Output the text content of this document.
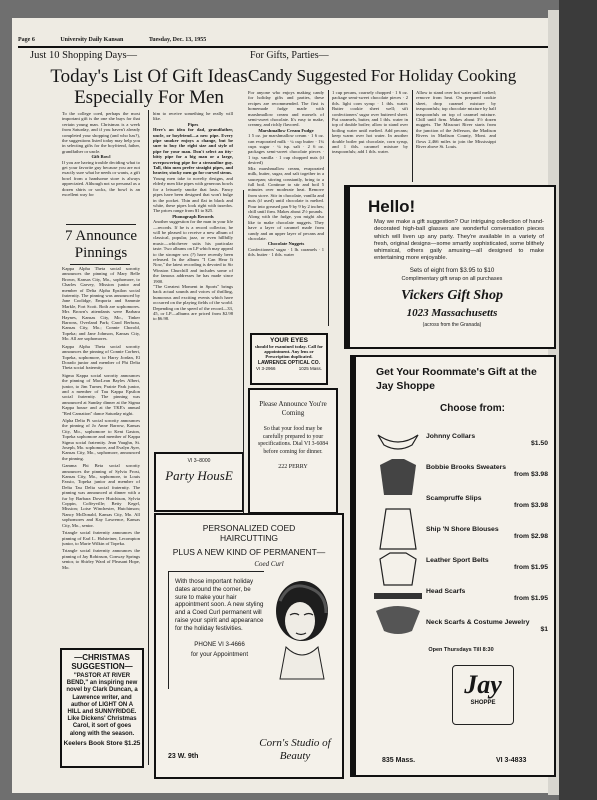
Page 6	University Daily Kansan	Tuesday, Dec. 13, 1955
Just 10 Shopping Days—
Today's List Of Gift Ideas Especially For Men
To the college coed, perhaps the most important gift is the one she buys for that certain young man. Christmas is a week from Saturday, and if you haven't already completed your shopping (and who has?), the suggestions listed today may help you in selecting gifts for the boyfriend, father, grandfather or uncle.
Gift Bowl
If you are having trouble deciding what to get your favorite guy because you are not exactly sure what he needs or wants, a gift bowl from a handsome store is always appreciated. Although not so personal as a dozen shirts or socks, the bowl is an excellent way for
7 Announce Pinnings

Kappa Alpha Theta social sorority announces the pinning of Mary Belle Brown, Kansas City, Mo., sophomore, to Charles Garvey, Mission junior and member of Delta Alpha Epsilon social fraternity. The pinning was announced by Jane Coolidge, Emporia and Sammie Markle, Fort Scott. Both are sophomores. Mrs Brown's attendants were Barbara Haynes, Kansas City, Mo., Tinker Barrons, Overland Park; Carol Berbrau, Kansas City, Mo.; Connie Chorold, Topeka; and Jane Johnson, Kansas City, Mo. All are sophomores.

Kappa Alpha Theta social sorority announces the pinning of Connie Corbert, Topeka, sophomore, to Harry Jordan, El Dorado junior and member of Phi Delta Theta social fraternity.

Sigma Kappa social sorority announces the pinning of MacLean Bayles Albert, junior, to Jim Turner, Prairie Park junior, and a member of Tau Kappa Epsilon social fraternity. The pinning was announced at Sunday dinner at the Sigma Kappa house and at the TKE's annual "Red Carnation" dance Saturday night.

Alpha Delta Pi social sorority announces the pinning of Jo Anne Barrow, Kansas City, Mo., sophomore to Kent Gaston, Topeka sophomore and member of Kappa Sigma social fraternity. Jean Vaughn, St. Joseph, Mo. sophomore, and Evalyn Ayer, Kansas City, Mo., sophomore, announced the pinning.

Gamma Phi Beta social sorority announces the pinning of Sylvia Frost, Kansas City, Mo., sophomore, to Louis Fassio, Topeka junior and member of Delta Tau Delta social fraternity. The pinning was announced at dinner with a fur by Barbara Dover Hutchison, Sylvia Coppin, Coffeyville; Betty Kegel, Mission; Loise Winchester, Hutchinson; Nancy McDonald, Kansas City, Mo. All sophomores and Kay Lawrence, Kansas City, Mo., senior.

Triangle social fraternity announces the pinning of Earl L. Holsteiner, Lecompton junior, to Marie Wilkin of Topeka.

Triangle social fraternity announces the pinning of Jay Robinson, Conway Springs senior, to Shirley Ward of Pleasant Hope, Mo.

—CHRISTMAS SUGGESTION—
"PASTOR AT RIVER BEND," an inspiring new novel by Clark Duncan, a Lawrence writer, and author of LIGHT ON A HILL and SUNNYRIDGE. Like Dickens' Christmas Carol, it sort of goes along with the season.
Keelers Book Store $1.25

him to receive something he really will like.

Pipes

Here's an idea for dad, grandfather, uncle, or boyfriend—a new pipe. Every pipe smoker enjoys a change, but be sure to buy the right size and style of pipe for your man. Don't select an itty-bitty pipe for a big man or a large, overpowering pipe for a streamline guy. Tall, thin men prefer straight pipes, and heavier, stocky men go for curved stems.

Young men take to novelty designs, and elderly men like pipes with generous bowls for a leisurely smoke that lasts. Fancy pipes have been designed that won't bulge in the pocket. Thin and flat in black and white, these pipes look right with tuxedos. The prices range from $1 to $25.

Phonograph Records

Another suggestion for the man in your life—records. If he is a record collector, he will be pleased to receive a new album of classical, popular, jazz, or even hillbilly music—whichever suits his particular taste. Two albums on LP which may appeal to the stronger sex (?) have recently been released. In the album "I Can Hear It Now," the latest recording is devoted to Sir Winston Churchill and includes some of the famous addresses he has made since 1900.

"The Greatest Moment in Sports" brings back actual sounds and voices of thrilling, humorous and exciting events which have occurred on the playing fields of the world. Depending on the speed of the record—33, 45, or LP—albums are priced from $2.98 to $6.98.

VI 3–8000
Party HousE
For Gifts, Parties—
Candy Suggested For Holiday Cooking

For anyone who enjoys making candy for holiday gifts and parties, these recipes are recommended. The first is homemade fudge made with marshmallow cream and morsels of semi-sweet chocolate. It's easy to make, creamy, and richly flavored.

Marshmallow Cream Fudge

1 5 oz. jar marshmallow cream · 1 6 oz. can evaporated milk · ¼ cup butter · 1¾ cups sugar · ¼ tsp. salt · 2 6 oz. packages semi-sweet chocolate pieces · 1 tsp. vanilla · 1 cup chopped nuts (if desired)

Mix marshmallow cream, evaporated milk, butter, sugar, and salt together in a saucepan; stirring constantly, bring to a full boil. Continue to stir and boil 5 minutes over moderate heat. Remove from stove. Stir in chocolate, vanilla and nuts (if used) until chocolate is melted. Pour into greased pan 9 by 9 by 2 inches; chill until firm. Makes about 2½ pounds.

Along with the fudge, you might also like to make chocolate nuggets. They have a layer of caramel made from candy and an upper layer of pecans and chocolate.

Chocolate Nuggets

Confectioners' sugar · 1 lb. caramels · 1 tbls. butter · 1 tbls. water

1 cup pecans, coarsely chopped · 1 6 oz. package semi-sweet chocolate pieces · 2 tbls. light corn syrup · 1 tbls. water. Butter cookie sheet well; sift confectioners' sugar over buttered sheet. Put caramels, butter, and 1 tbls. water in top of double boiler; allow to stand over boiling water until melted. Add pecans; keep warm over hot water. In another double boiler put chocolate, corn syrup, and 1 tbls. caramel mixture by teaspoonfuls; add 1 tbls. water.
Allow to stand over hot water until melted; remove from heat. On prepared cookie sheet, drop caramel mixture by teaspoonfuls; top chocolate mixture by half teaspoonfuls on top of caramel mixture. Chill until firm. Makes about 3½ dozen nuggets. The Missouri River starts from the junction of the Jefferson, the Madison Rivers in Madison County, Mont. and flows 2,466 miles to join the Mississippi River above St. Louis.
YOUR EYES
should be examined today. Call for appointment. Any lens or Prescription duplicated.
LAWRENCE OPTICAL CO.
VI 3-2966	1025 Mass.
Please Announce You're Coming
So that your food may be carefully prepared to your specifications. Dial VI 3-6084 before coming for dinner.
222 PERRY
Hello!
May we make a gift suggestion? Our intriguing collection of hand-decorated high-ball glasses are wonderful conversation pieces which will liven up any party. They're available in a variety of fresh, original designs—some smartly sophisticated, some blithely whimsical, others gaily amusing—all designed to make entertaining more enjoyable.
Sets of eight from $3.95 to $10
Complimentary gift wrap on all purchases
Vickers Gift Shop
1023 Massachusetts
(across from the Granada)
PERSONALIZED COED HAIRCUTTING
PLUS A NEW KIND OF PERMANENT—
Coed Curl
With those important holiday dates around the corner, be sure to make your hair appointment soon. A new styling and a Coed Curl permanent will raise your spirit and appearance for the holiday festivities.
PHONE VI 3-4666
for your Appointment
23 W. 9th
Corn's Studio of Beauty
Get Your Roommate's Gift at the Jay Shoppe
Choose from:
Johnny Collars
$1.50
Bobbie Brooks Sweaters
from $3.98
Scampruffe Slips
from $3.98
Ship 'N Shore Blouses
from $2.98
Leather Sport Belts
from $1.95
Head Scarfs
from $1.95
Neck Scarfs & Costume Jewelry
$1
Open Thursdays Till 8:30
Jay
SHOPPE
835 Mass.	VI 3-4833
